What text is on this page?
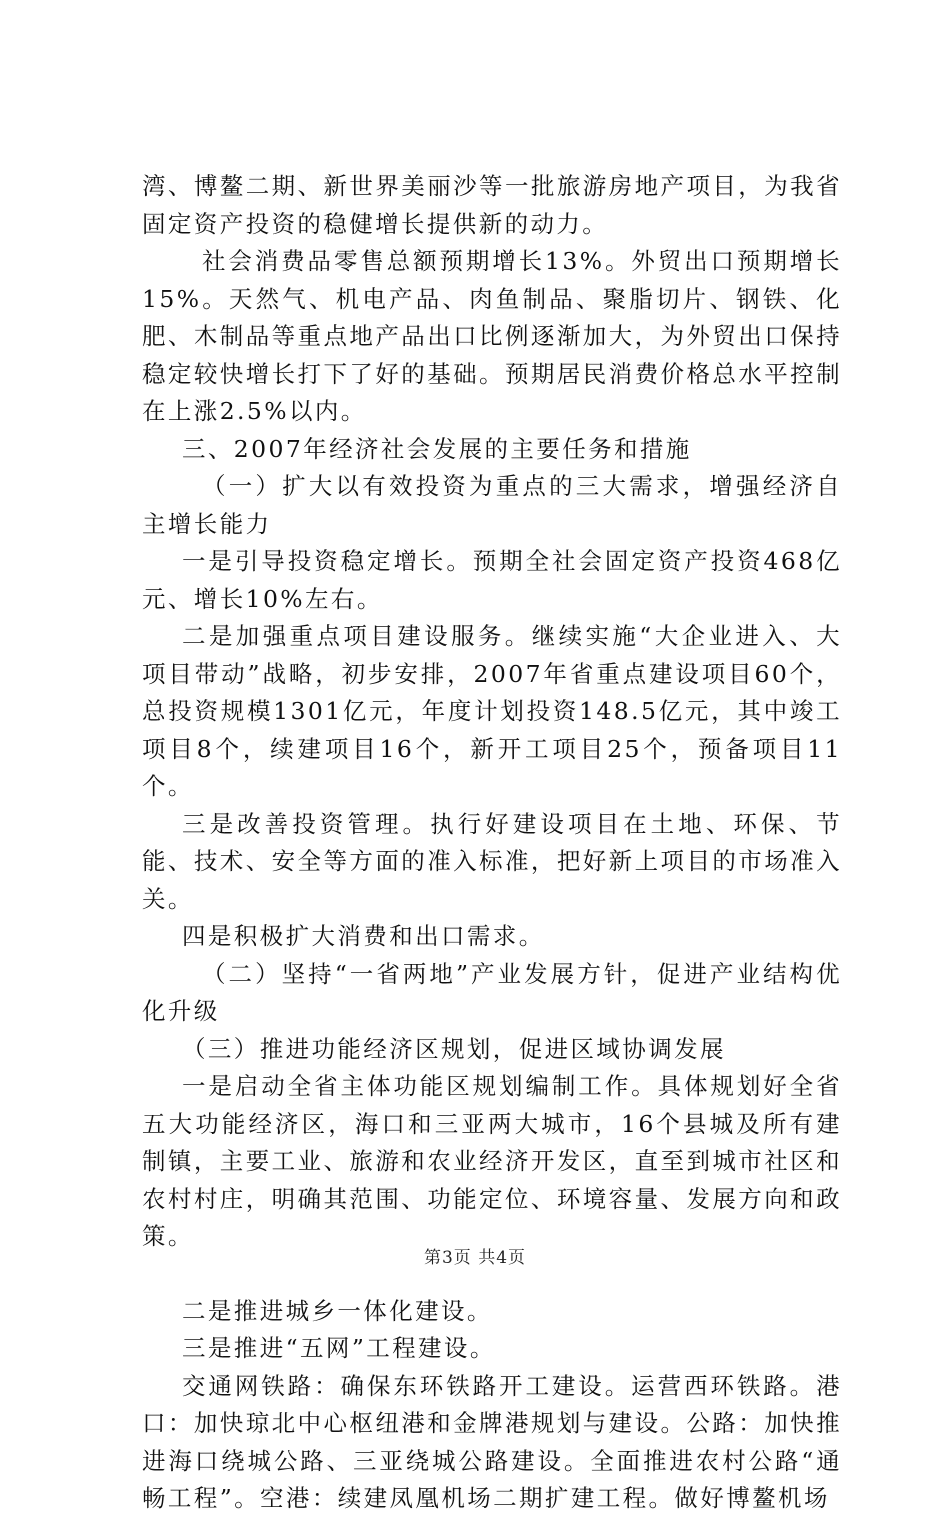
湾、博鳌二期、新世界美丽沙等一批旅游房地产项目，为我省固定资产投资的稳健增长提供新的动力。

社会消费品零售总额预期增长13%。外贸出口预期增长15%。天然气、机电产品、肉鱼制品、聚脂切片、钢铁、化肥、木制品等重点地产品出口比例逐渐加大，为外贸出口保持稳定较快增长打下了好的基础。预期居民消费价格总水平控制在上涨2.5%以内。

三、2007年经济社会发展的主要任务和措施

（一）扩大以有效投资为重点的三大需求，增强经济自主增长能力

一是引导投资稳定增长。预期全社会固定资产投资468亿元、增长10%左右。

二是加强重点项目建设服务。继续实施“大企业进入、大项目带动”战略，初步安排，2007年省重点建设项目60个，总投资规模1301亿元，年度计划投资148.5亿元，其中竣工项目8个，续建项目16个，新开工项目25个，预备项目11个。

三是改善投资管理。执行好建设项目在土地、环保、节能、技术、安全等方面的准入标准，把好新上项目的市场准入关。

四是积极扩大消费和出口需求。

（二）坚持“一省两地”产业发展方针，促进产业结构优化升级

（三）推进功能经济区规划，促进区域协调发展

一是启动全省主体功能区规划编制工作。具体规划好全省五大功能经济区，海口和三亚两大城市，16个县城及所有建制镇，主要工业、旅游和农业经济开发区，直至到城市社区和农村村庄，明确其范围、功能定位、环境容量、发展方向和政策。

二是推进城乡一体化建设。

三是推进“五网”工程建设。

交通网铁路：确保东环铁路开工建设。运营西环铁路。港口：加快琼北中心枢纽港和金牌港规划与建设。公路：加快推进海口绕城公路、三亚绕城公路建设。全面推进农村公路“通畅工程”。空港：续建凤凰机场二期扩建工程。做好博鳌机场

第3页 共4页
